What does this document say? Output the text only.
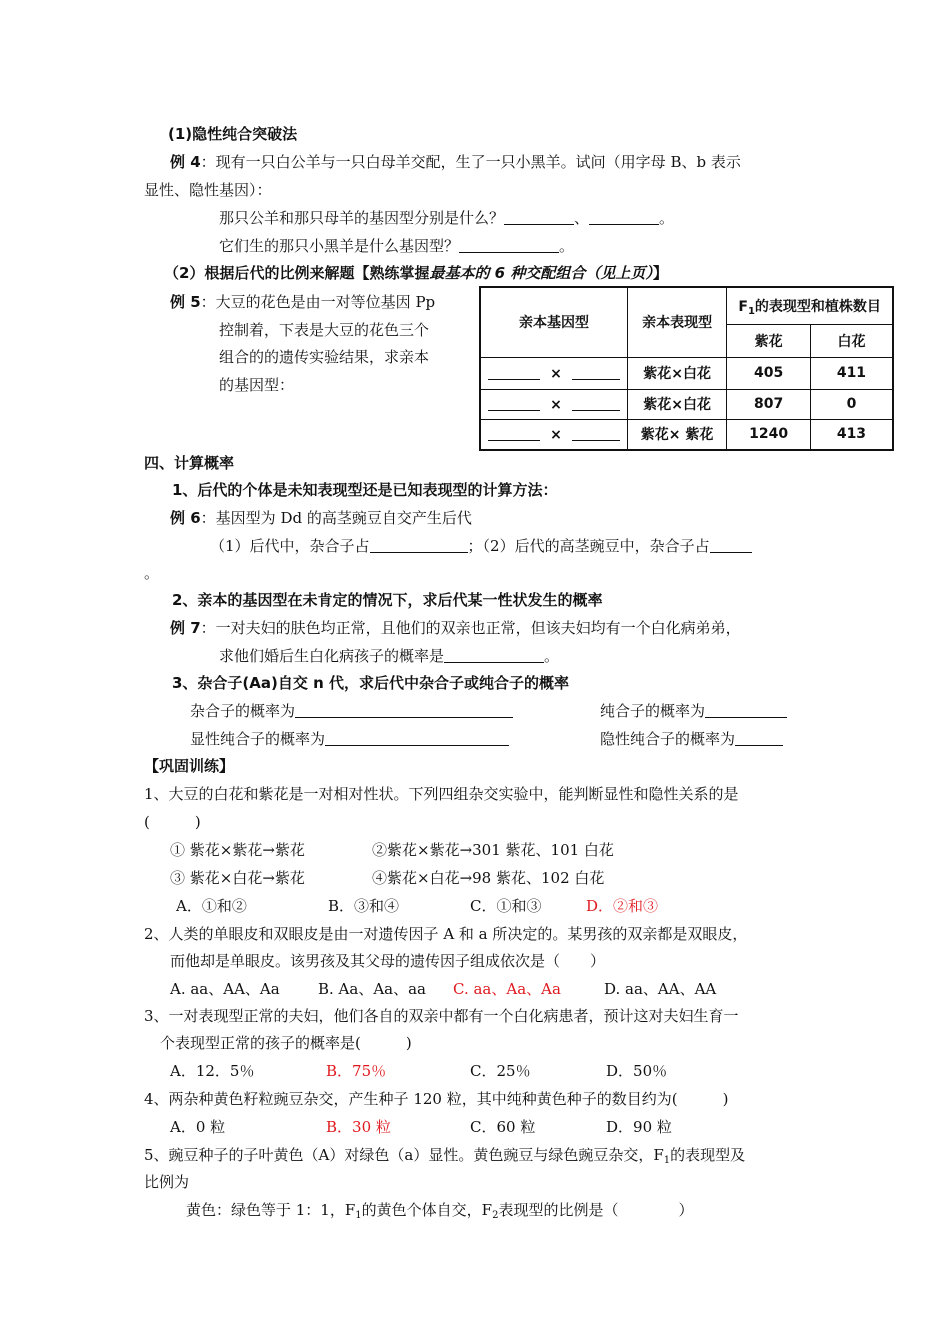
(1)隐性纯合突破法
例 4：现有一只白公羊与一只白母羊交配，生了一只小黑羊。试问（用字母 B、b 表示
显性、隐性基因）：
那只公羊和那只母羊的基因型分别是什么？	、	。
它们生的那只小黑羊是什么基因型？	。
（2）根据后代的比例来解题【熟练掌握最基本的 6 种交配组合（见上页）】
例 5：大豆的花色是由一对等位基因 Pp
控制着，下表是大豆的花色三个
组合的的遗传实验结果，求亲本
的基因型：
亲本基因型	亲本表现型	$F_1$的表现型和植株数目	
		紫花	白花
×	紫花×白花	405	411
×	紫花×白花	807	0
×	紫花× 紫花	1240	413
四、计算概率
1、后代的个体是未知表现型还是已知表现型的计算方法：
例 6：基因型为 Dd 的高茎豌豆自交产生后代
（1）后代中，杂合子占	；（2）后代的高茎豌豆中，杂合子占
。
2、亲本的基因型在未肯定的情况下，求后代某一性状发生的概率
例 7：一对夫妇的肤色均正常，且他们的双亲也正常，但该夫妇均有一个白化病弟弟，
求他们婚后生白化病孩子的概率是	。
3、杂合子(Aa)自交 n 代，求后代中杂合子或纯合子的概率
杂合子的概率为	纯合子的概率为
显性纯合子的概率为	隐性纯合子的概率为
【巩固训练】
1、大豆的白花和紫花是一对相对性状。下列四组杂交实验中，能判断显性和隐性关系的是
(　　　)
① 紫花×紫花→紫花	②紫花×紫花→301 紫花、101 白花
③ 紫花×白花→紫花	④紫花×白花→98 紫花、102 白花
A．①和②	B．③和④	C．①和③	D．②和③
2、人类的单眼皮和双眼皮是由一对遗传因子 A 和 a 所决定的。某男孩的双亲都是双眼皮，
而他却是单眼皮。该男孩及其父母的遗传因子组成依次是（　　）
A. aa、AA、Aa	B. Aa、Aa、aa C. aa、Aa、Aa	D. aa、AA、AA
3、一对表现型正常的夫妇，他们各自的双亲中都有一个白化病患者，预计这对夫妇生育一
个表现型正常的孩子的概率是(　　　)
A．12．5％	B．75％	C．25％	D．50％
4、两杂种黄色籽粒豌豆杂交，产生种子 120 粒，其中纯种黄色种子的数目约为(　　　)
A．0 粒	B．30 粒	C．60 粒	D．90 粒
5、豌豆种子的子叶黄色（A）对绿色（a）显性。黄色豌豆与绿色豌豆杂交，$F_1$的表现型及
比例为
黄色：绿色等于 1：1，$F_1$的黄色个体自交，$F_2$表现型的比例是（　　　　）
